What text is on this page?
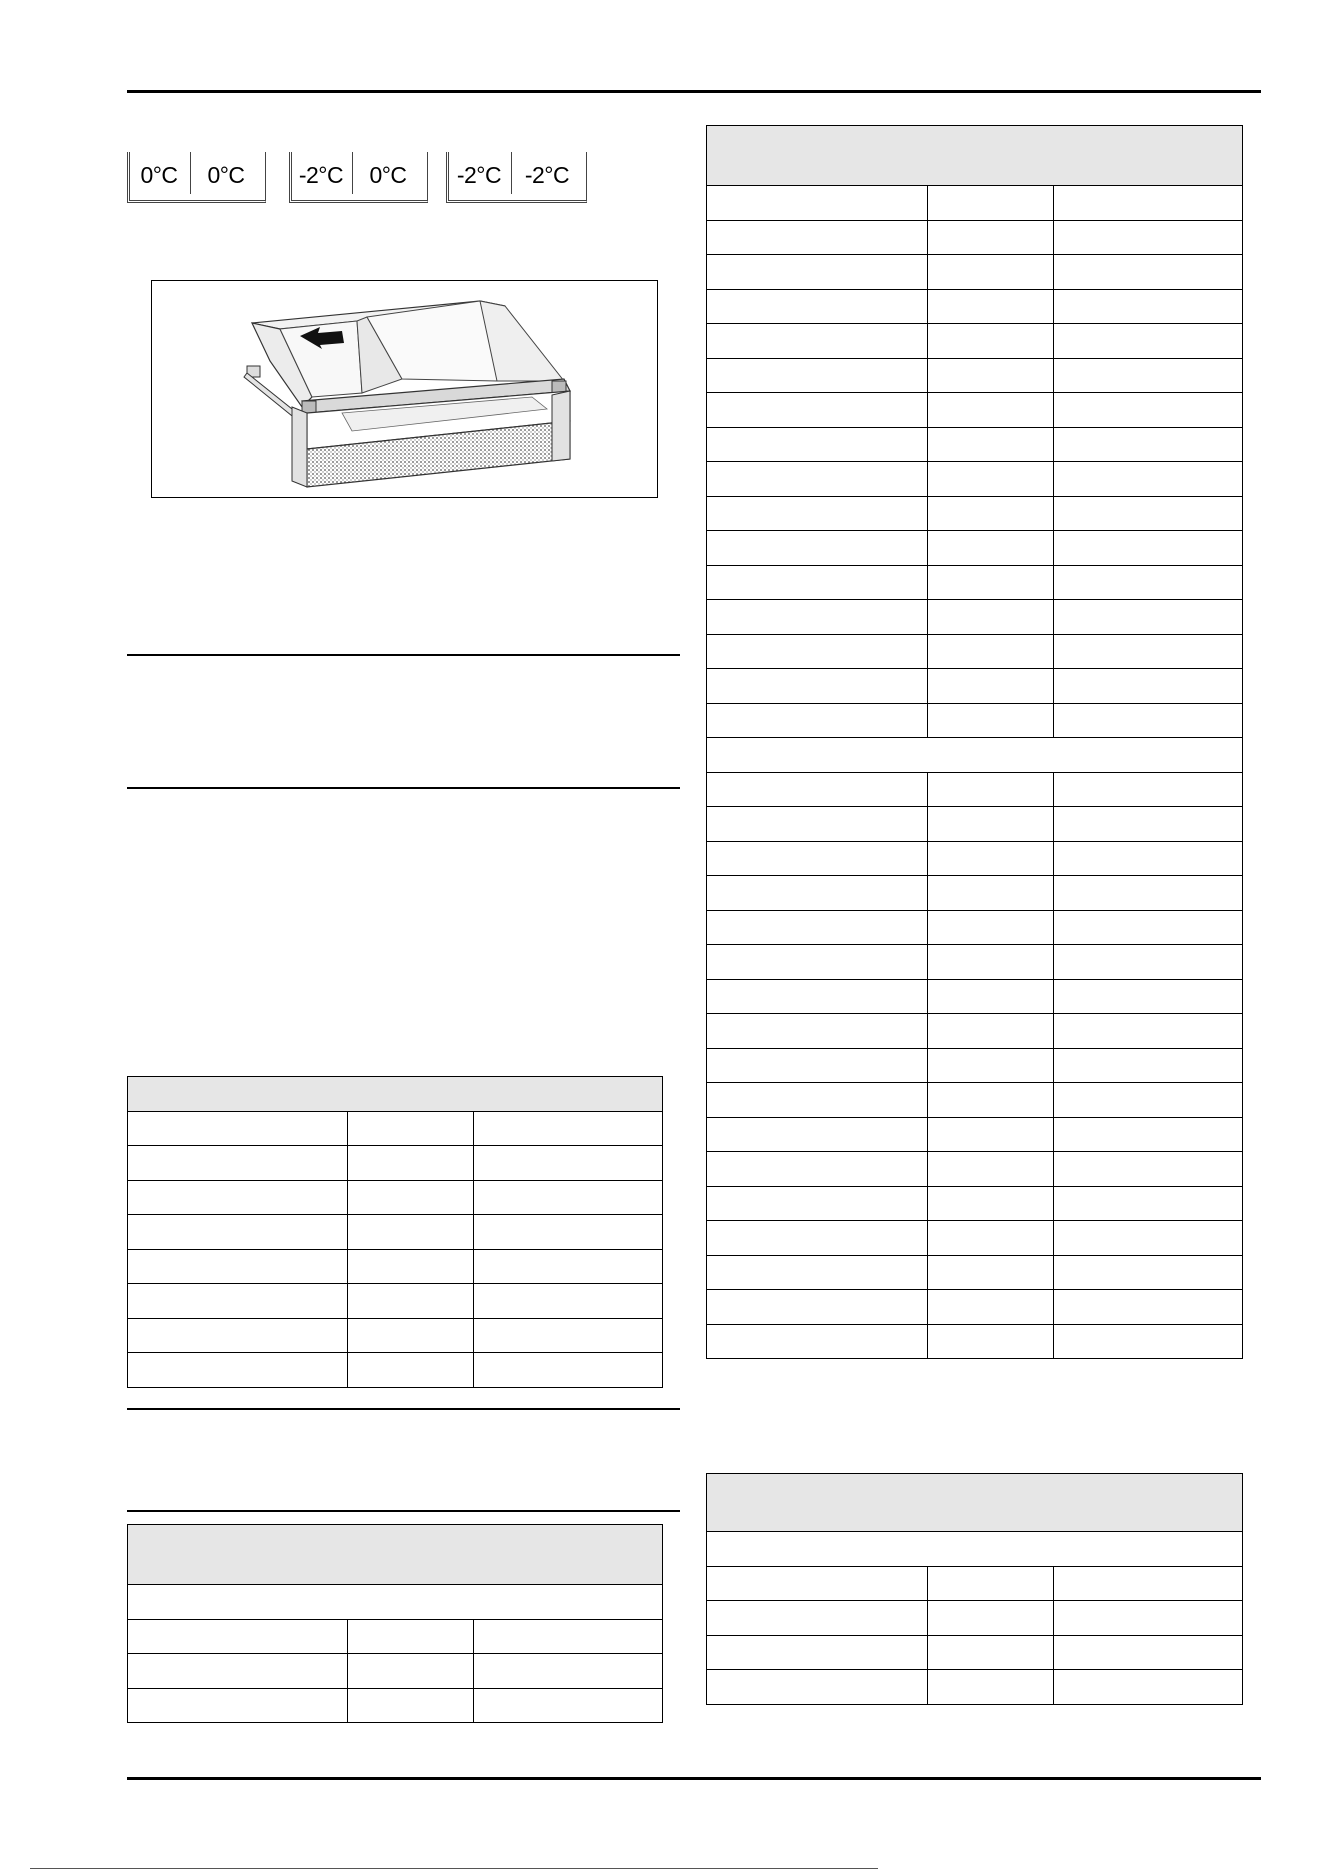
0°C	0°C	-2°C	0°C	-2°C	-2°C
